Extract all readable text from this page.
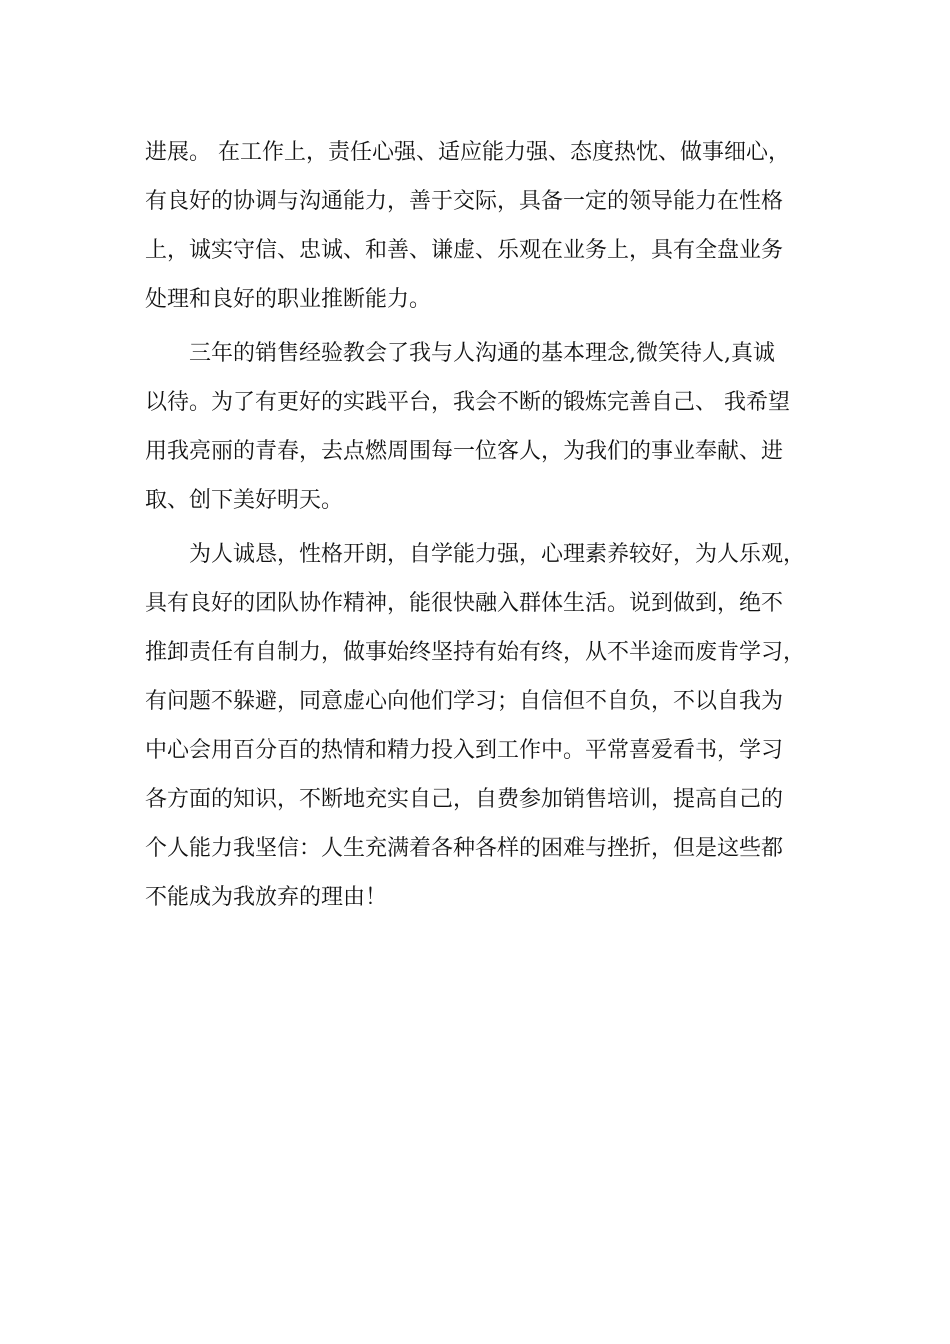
进展。 在工作上，责任心强、适应能力强、态度热忱、做事细心，
有良好的协调与沟通能力，善于交际，具备一定的领导能力在性格
上，诚实守信、忠诚、和善、谦虚、乐观在业务上，具有全盘业务
处理和良好的职业推断能力。

三年的销售经验教会了我与人沟通的基本理念,微笑待人,真诚
以待。为了有更好的实践平台，我会不断的锻炼完善自己、 我希望
用我亮丽的青春，去点燃周围每一位客人，为我们的事业奉献、进
取、创下美好明天。

为人诚恳，性格开朗，自学能力强，心理素养较好，为人乐观，
具有良好的团队协作精神，能很快融入群体生活。说到做到，绝不
推卸责任有自制力，做事始终坚持有始有终，从不半途而废肯学习，
有问题不躲避，同意虚心向他们学习；自信但不自负，不以自我为
中心会用百分百的热情和精力投入到工作中。平常喜爱看书，学习
各方面的知识，不断地充实自己，自费参加销售培训，提高自己的
个人能力我坚信：人生充满着各种各样的困难与挫折，但是这些都
不能成为我放弃的理由！
